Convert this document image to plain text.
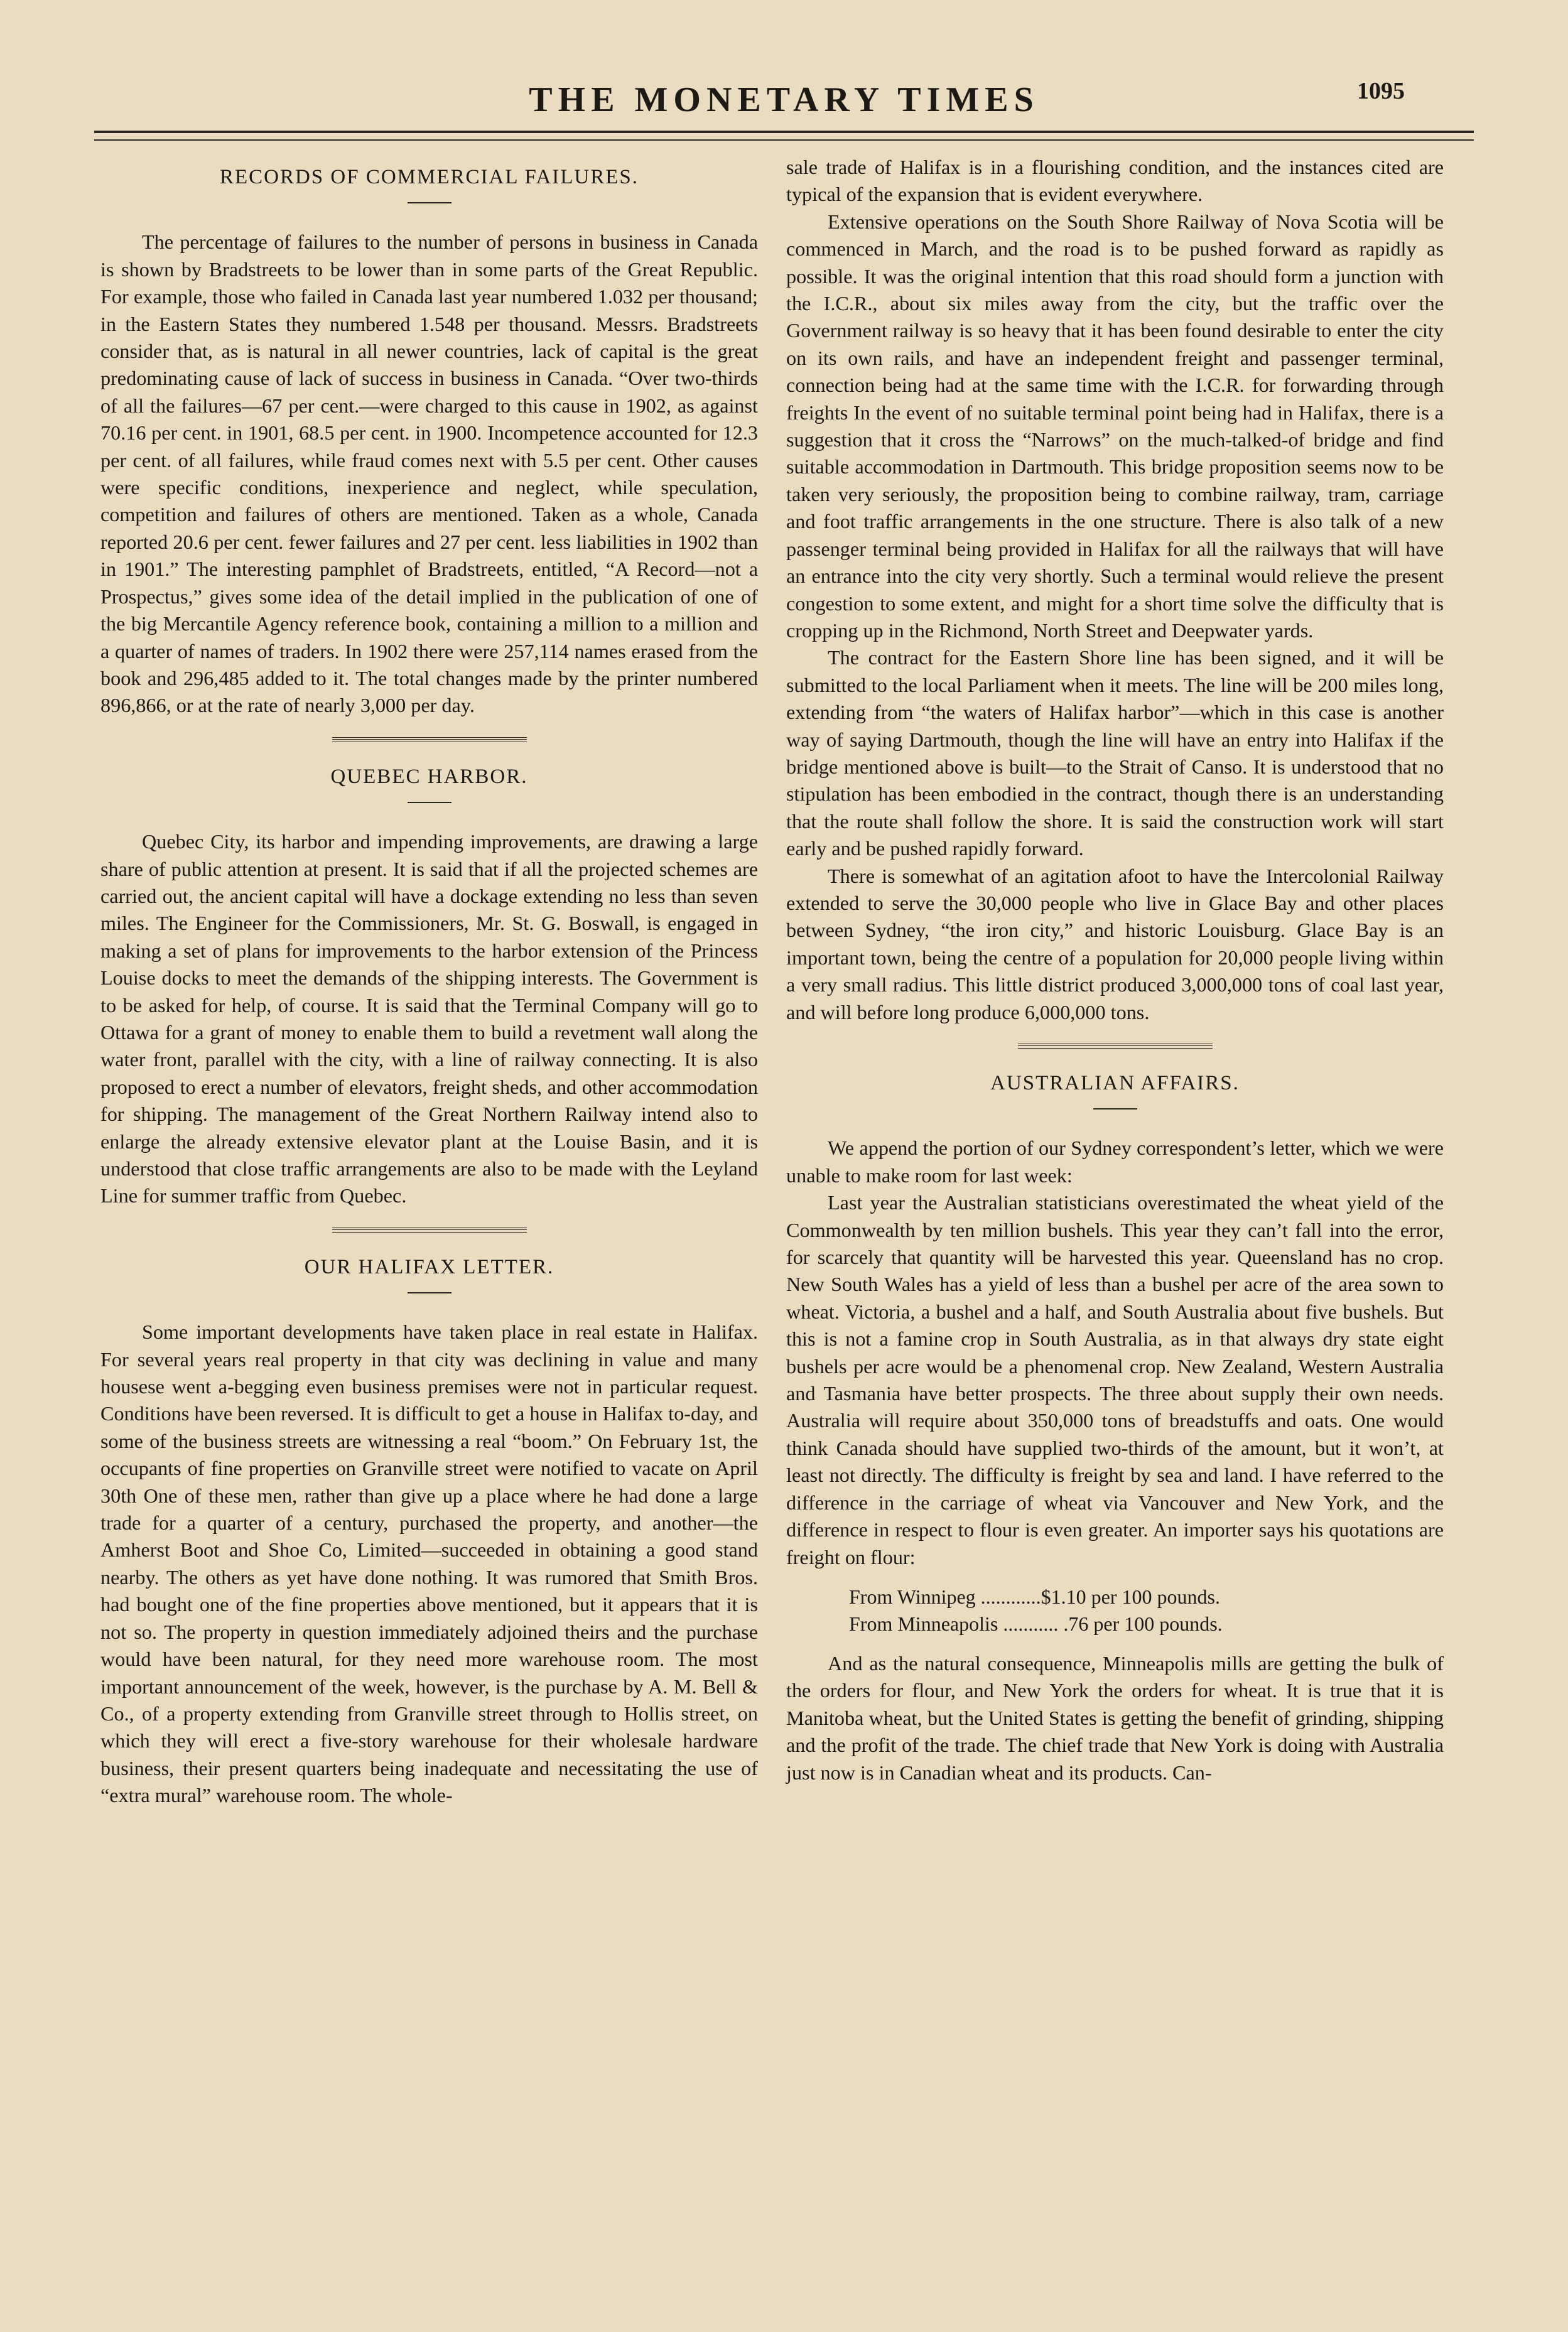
THE MONETARY TIMES	1095
RECORDS OF COMMERCIAL FAILURES.

The percentage of failures to the number of persons in business in Canada is shown by Bradstreets to be lower than in some parts of the Great Republic. For example, those who failed in Canada last year numbered 1.032 per thousand; in the Eastern States they numbered 1.548 per thousand. Messrs. Bradstreets consider that, as is natural in all newer countries, lack of capital is the great predominating cause of lack of success in business in Canada. “Over two-thirds of all the failures—67 per cent.—were charged to this cause in 1902, as against 70.16 per cent. in 1901, 68.5 per cent. in 1900. Incompetence accounted for 12.3 per cent. of all failures, while fraud comes next with 5.5 per cent. Other causes were specific conditions, inexperience and neglect, while speculation, competition and failures of others are mentioned. Taken as a whole, Canada reported 20.6 per cent. fewer failures and 27 per cent. less liabilities in 1902 than in 1901.” The interesting pamphlet of Bradstreets, entitled, “A Record—not a Prospectus,” gives some idea of the detail implied in the publication of one of the big Mercantile Agency reference book, containing a million to a million and a quarter of names of traders. In 1902 there were 257,114 names erased from the book and 296,485 added to it. The total changes made by the printer numbered 896,866, or at the rate of nearly 3,000 per day.

QUEBEC HARBOR.

Quebec City, its harbor and impending improvements, are drawing a large share of public attention at present. It is said that if all the projected schemes are carried out, the ancient capital will have a dockage extending no less than seven miles. The Engineer for the Commissioners, Mr. St. G. Boswall, is engaged in making a set of plans for improvements to the harbor extension of the Princess Louise docks to meet the demands of the shipping interests. The Government is to be asked for help, of course. It is said that the Terminal Company will go to Ottawa for a grant of money to enable them to build a revetment wall along the water front, parallel with the city, with a line of railway connecting. It is also proposed to erect a number of elevators, freight sheds, and other accommodation for shipping. The management of the Great Northern Railway intend also to enlarge the already extensive elevator plant at the Louise Basin, and it is understood that close traffic arrangements are also to be made with the Leyland Line for summer traffic from Quebec.

OUR HALIFAX LETTER.

Some important developments have taken place in real estate in Halifax. For several years real property in that city was declining in value and many housese went a-begging even business premises were not in particular request. Conditions have been reversed. It is difficult to get a house in Halifax to-day, and some of the business streets are witnessing a real “boom.” On February 1st, the occupants of fine properties on Granville street were notified to vacate on April 30th One of these men, rather than give up a place where he had done a large trade for a quarter of a century, purchased the property, and another—the Amherst Boot and Shoe Co, Limited—succeeded in obtaining a good stand nearby. The others as yet have done nothing. It was rumored that Smith Bros. had bought one of the fine properties above mentioned, but it appears that it is not so. The property in question immediately adjoined theirs and the purchase would have been natural, for they need more warehouse room. The most important announcement of the week, however, is the purchase by A. M. Bell & Co., of a property extending from Granville street through to Hollis street, on which they will erect a five-story warehouse for their wholesale hardware business, their present quarters being inadequate and necessitating the use of “extra mural” warehouse room. The whole-

sale trade of Halifax is in a flourishing condition, and the instances cited are typical of the expansion that is evident everywhere.

Extensive operations on the South Shore Railway of Nova Scotia will be commenced in March, and the road is to be pushed forward as rapidly as possible. It was the original intention that this road should form a junction with the I.C.R., about six miles away from the city, but the traffic over the Government railway is so heavy that it has been found desirable to enter the city on its own rails, and have an independent freight and passenger terminal, connection being had at the same time with the I.C.R. for forwarding through freights In the event of no suitable terminal point being had in Halifax, there is a suggestion that it cross the “Narrows” on the much-talked-of bridge and find suitable accommodation in Dartmouth. This bridge proposition seems now to be taken very seriously, the proposition being to combine railway, tram, carriage and foot traffic arrangements in the one structure. There is also talk of a new passenger terminal being provided in Halifax for all the railways that will have an entrance into the city very shortly. Such a terminal would relieve the present congestion to some extent, and might for a short time solve the difficulty that is cropping up in the Richmond, North Street and Deepwater yards.

The contract for the Eastern Shore line has been signed, and it will be submitted to the local Parliament when it meets. The line will be 200 miles long, extending from “the waters of Halifax harbor”—which in this case is another way of saying Dartmouth, though the line will have an entry into Halifax if the bridge mentioned above is built—to the Strait of Canso. It is understood that no stipulation has been embodied in the contract, though there is an understanding that the route shall follow the shore. It is said the construction work will start early and be pushed rapidly forward.

There is somewhat of an agitation afoot to have the Intercolonial Railway extended to serve the 30,000 people who live in Glace Bay and other places between Sydney, “the iron city,” and historic Louisburg. Glace Bay is an important town, being the centre of a population for 20,000 people living within a very small radius. This little district produced 3,000,000 tons of coal last year, and will before long produce 6,000,000 tons.

AUSTRALIAN AFFAIRS.

We append the portion of our Sydney correspondent’s letter, which we were unable to make room for last week:

Last year the Australian statisticians overestimated the wheat yield of the Commonwealth by ten million bushels. This year they can’t fall into the error, for scarcely that quantity will be harvested this year. Queensland has no crop. New South Wales has a yield of less than a bushel per acre of the area sown to wheat. Victoria, a bushel and a half, and South Australia about five bushels. But this is not a famine crop in South Australia, as in that always dry state eight bushels per acre would be a phenomenal crop. New Zealand, Western Australia and Tasmania have better prospects. The three about supply their own needs. Australia will require about 350,000 tons of breadstuffs and oats. One would think Canada should have supplied two-thirds of the amount, but it won’t, at least not directly. The difficulty is freight by sea and land. I have referred to the difference in the carriage of wheat via Vancouver and New York, and the difference in respect to flour is even greater. An importer says his quotations are freight on flour:

From Winnipeg ............$1.10 per 100 pounds.
From Minneapolis ........... .76 per 100 pounds.

And as the natural consequence, Minneapolis mills are getting the bulk of the orders for flour, and New York the orders for wheat. It is true that it is Manitoba wheat, but the United States is getting the benefit of grinding, shipping and the profit of the trade. The chief trade that New York is doing with Australia just now is in Canadian wheat and its products. Can-
